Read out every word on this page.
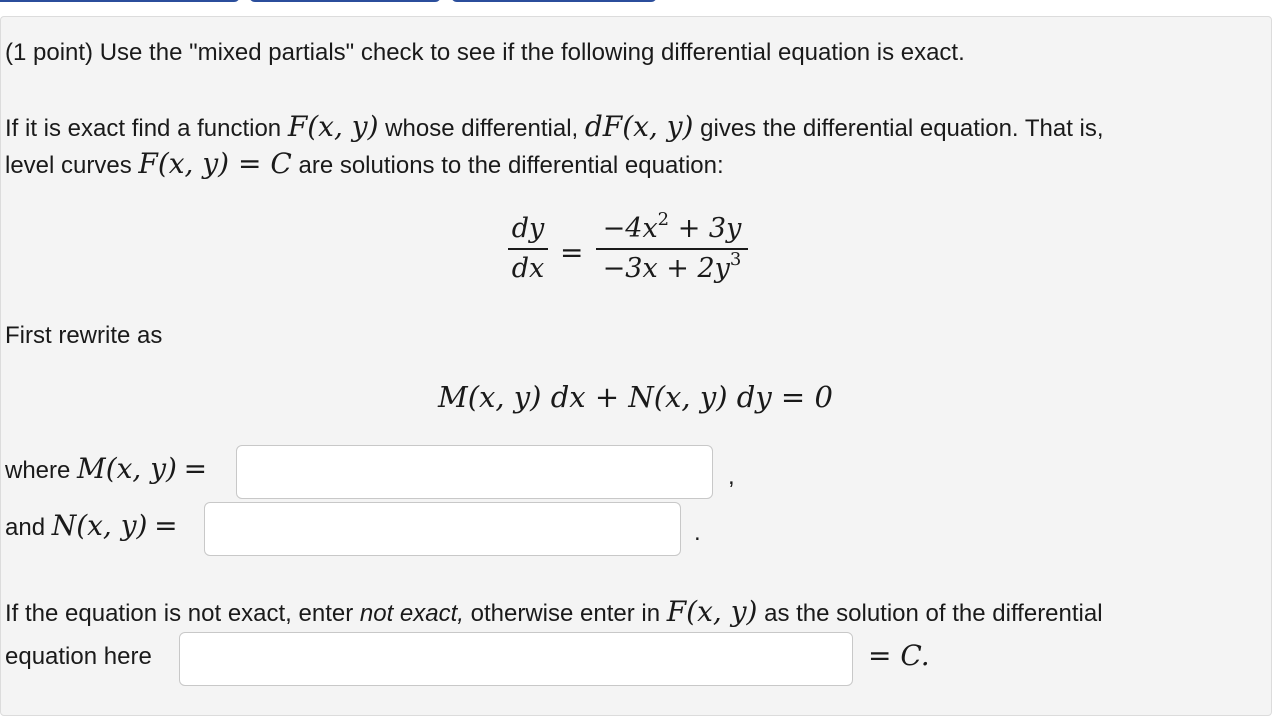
(1 point) Use the "mixed partials" check to see if the following differential equation is exact.
If it is exact find a function F(x, y) whose differential, dF(x, y) gives the differential equation. That is,
level curves F(x, y) = C are solutions to the differential equation:
dy
dx =
$-4x^2 + 3y$
$-3x + 2y^3$
First rewrite as
M(x, y) dx + N(x, y) dy = 0
where M(x, y) =	,
and N(x, y) =	.
If the equation is not exact, enter not exact, otherwise enter in F(x, y) as the solution of the differential
equation here	= C.
